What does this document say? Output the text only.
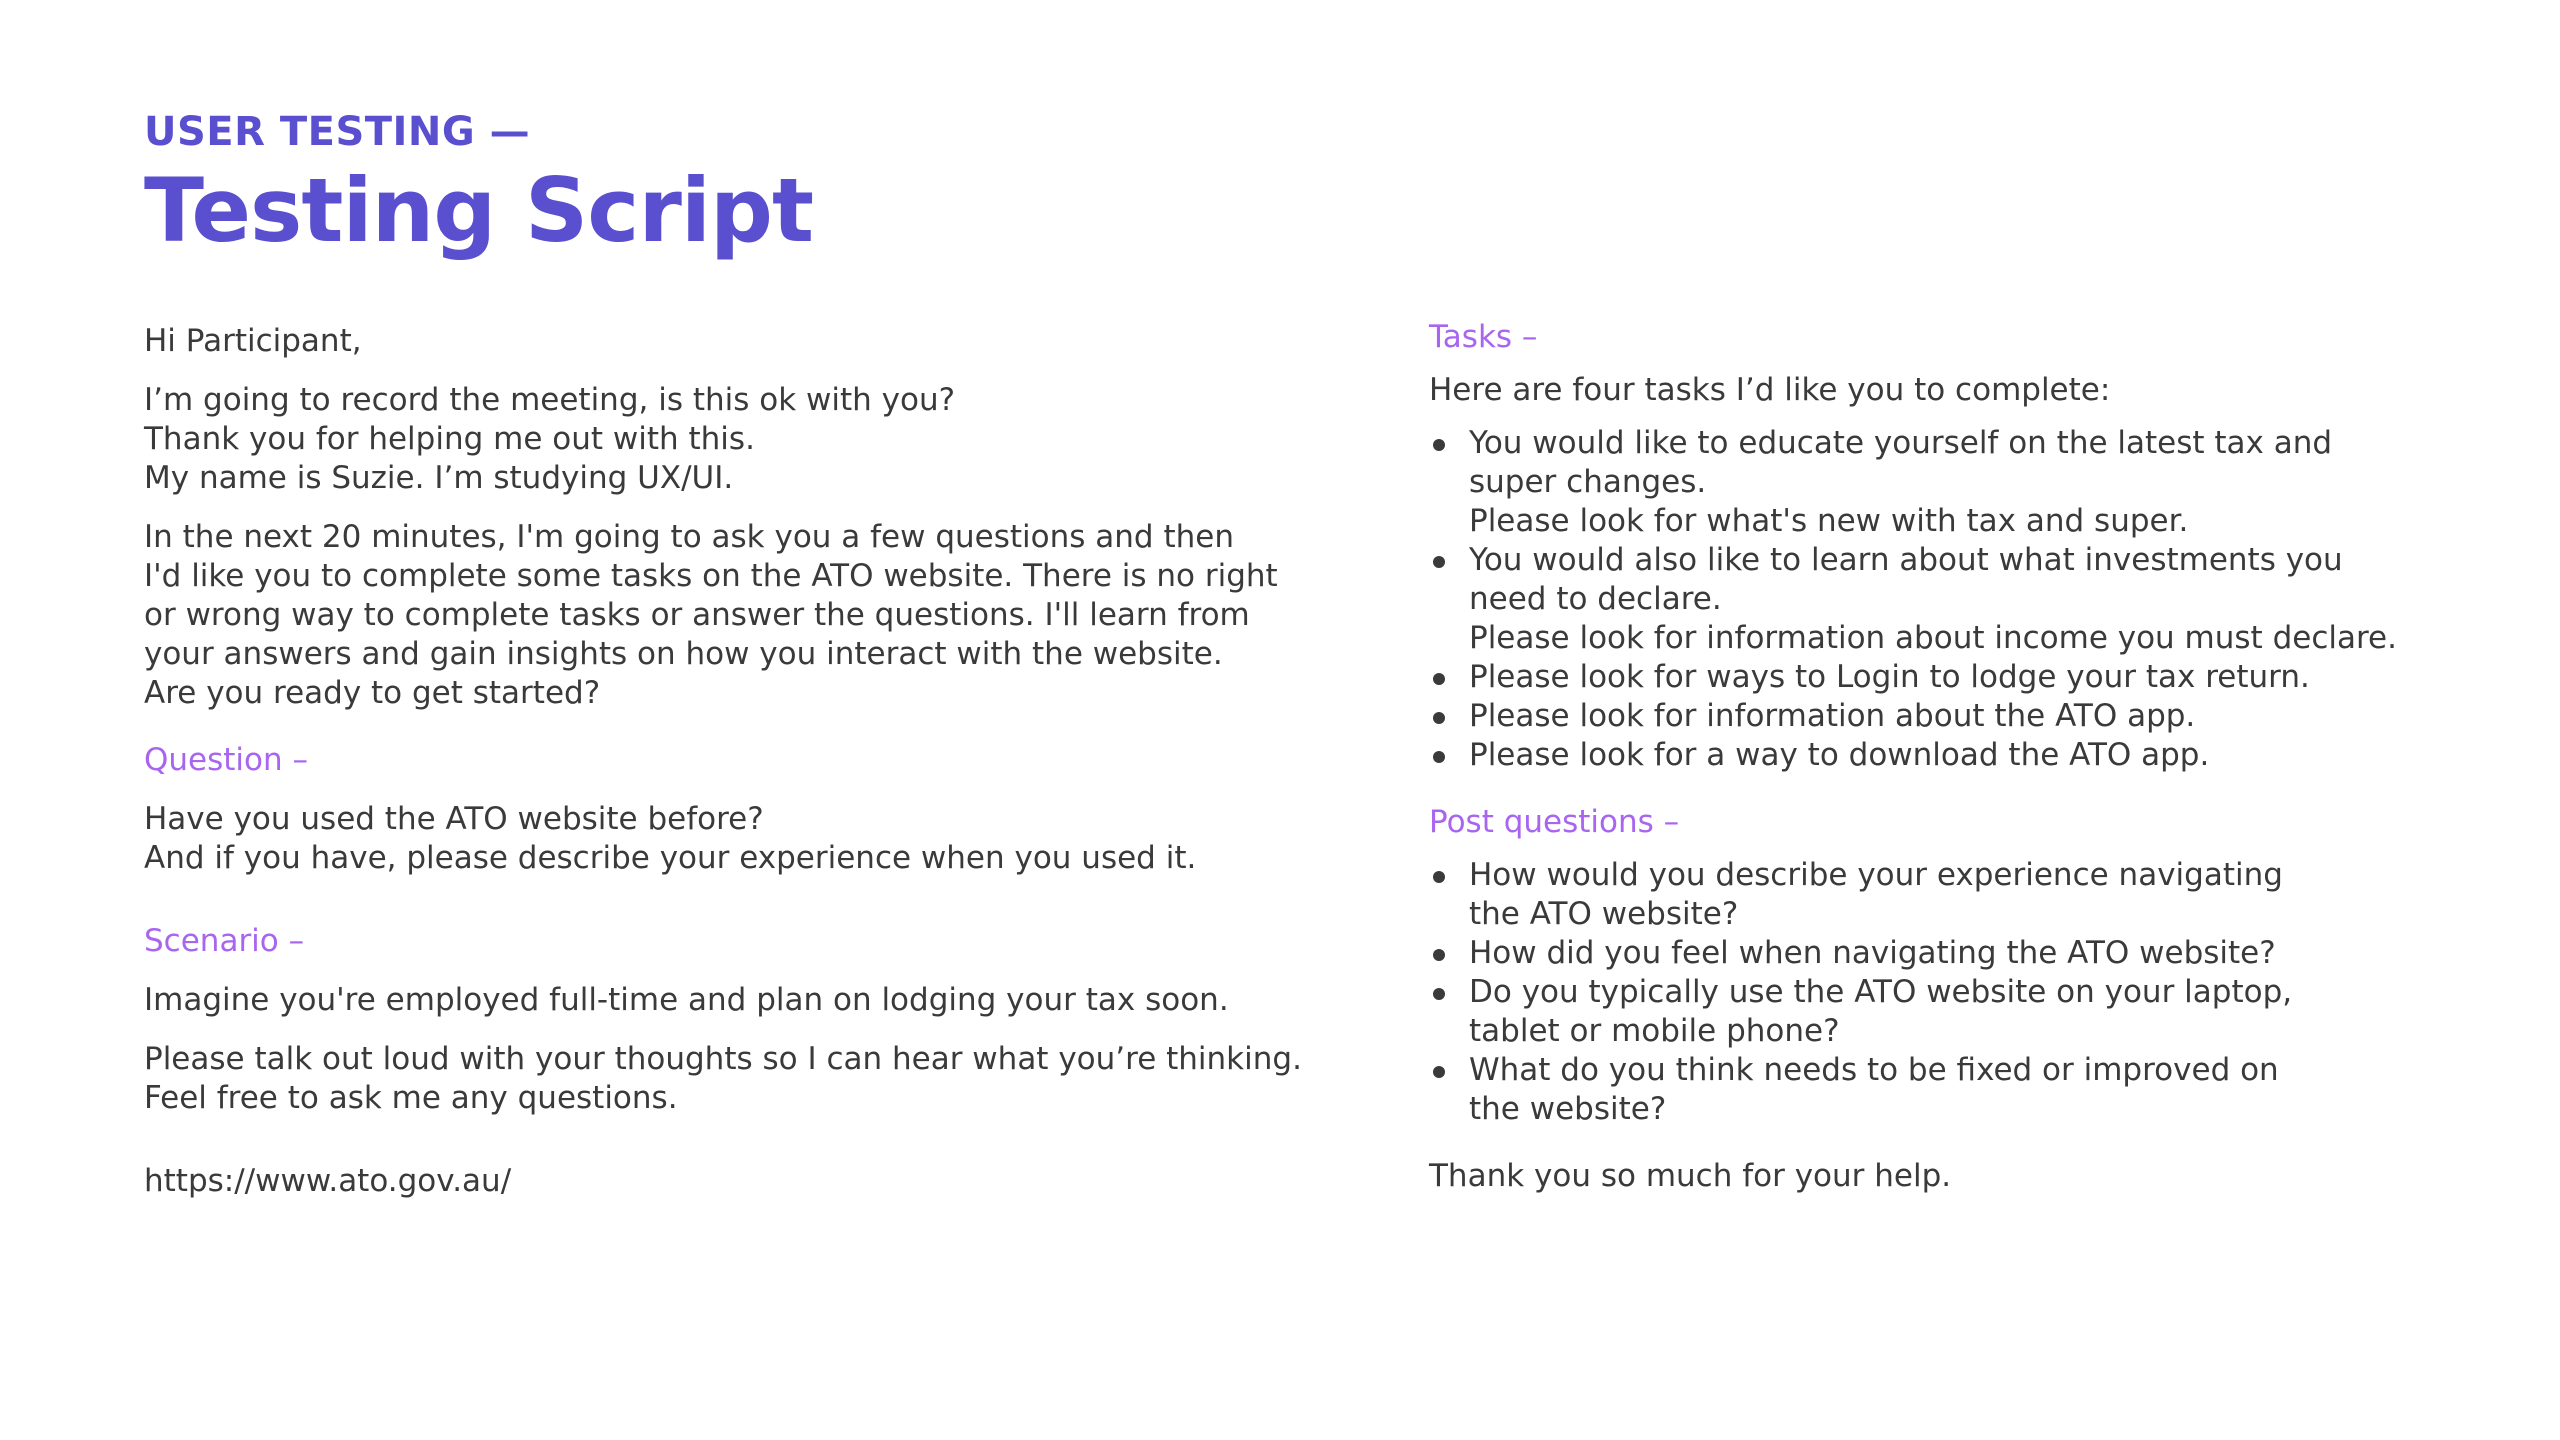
USER TESTING —
Testing Script

Hi Participant,

I’m going to record the meeting, is this ok with you?

Thank you for helping me out with this.

My name is Suzie. I’m studying UX/UI.

In the next 20 minutes, I'm going to ask you a few questions and then

I'd like you to complete some tasks on the ATO website. There is no right

or wrong way to complete tasks or answer the questions. I'll learn from

your answers and gain insights on how you interact with the website.

Are you ready to get started?

Question –

Have you used the ATO website before?

And if you have, please describe your experience when you used it.

Scenario –

Imagine you're employed full-time and plan on lodging your tax soon.

Please talk out loud with your thoughts so I can hear what you’re thinking.

Feel free to ask me any questions.

https://www.ato.gov.au/

Tasks –

Here are four tasks I’d like you to complete:

You would like to educate yourself on the latest tax and
super changes.
Please look for what's new with tax and super.
You would also like to learn about what investments you
need to declare.
Please look for information about income you must declare.
Please look for ways to Login to lodge your tax return.
Please look for information about the ATO app.
Please look for a way to download the ATO app.

Post questions –

How would you describe your experience navigating
the ATO website?
How did you feel when navigating the ATO website?
Do you typically use the ATO website on your laptop,
tablet or mobile phone?
What do you think needs to be fixed or improved on
the website?

Thank you so much for your help.
